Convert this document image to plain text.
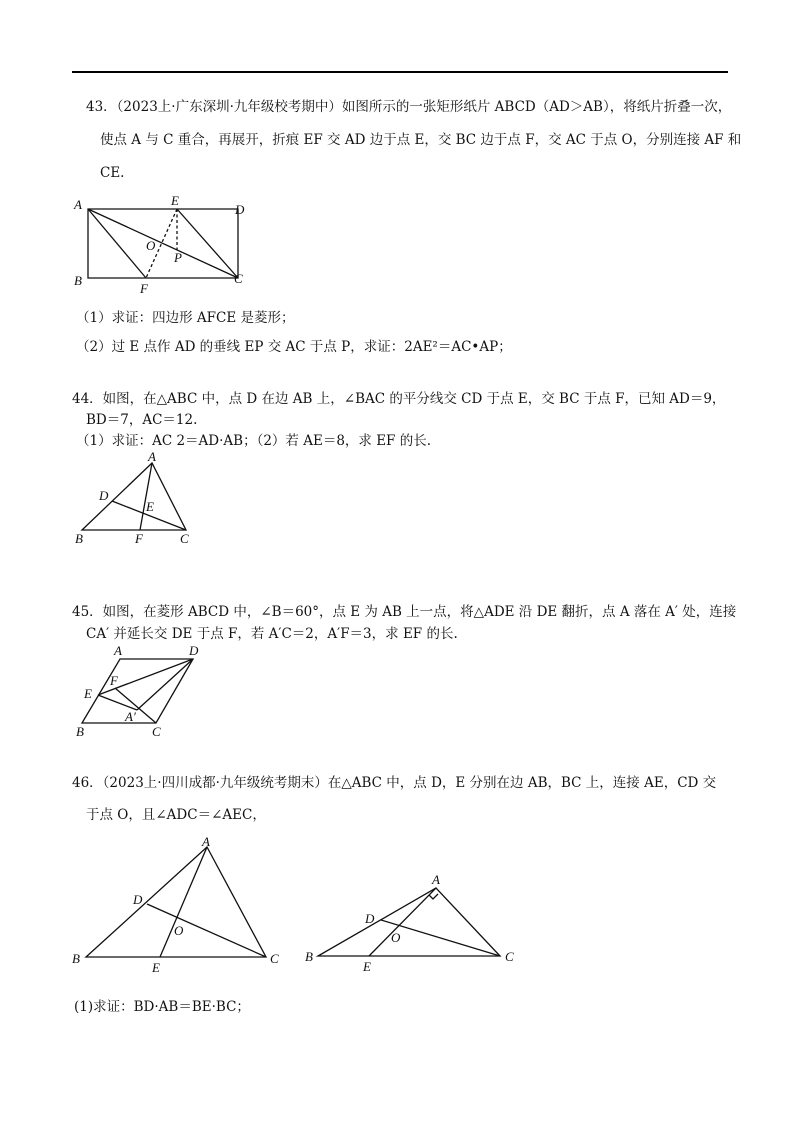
43．（2023上·广东深圳·九年级校考期中）如图所示的一张矩形纸片 ABCD（AD＞AB），将纸片折叠一次，
使点 A 与 C 重合，再展开，折痕 EF 交 AD 边于点 E，交 BC 边于点 F，交 AC 于点 O，分别连接 AF 和
CE.
A	E
D
O
P
B
F
C
（1）求证：四边形 AFCE 是菱形；
（2）过 E 点作 AD 的垂线 EP 交 AC 于点 P，求证：2AE²＝AC•AP；
44．如图，在△ABC 中，点 D 在边 AB 上，∠BAC 的平分线交 CD 于点 E，交 BC 于点 F，已知 AD＝9，
BD＝7，AC＝12.
（1）求证：AC 2＝AD·AB；（2）若 AE＝8，求 EF 的长.
A
D
E
B	F	C
45．如图，在菱形 ABCD 中，∠B＝60°，点 E 为 AB 上一点，将△ADE 沿 DE 翻折，点 A 落在 A′ 处，连接
CA′ 并延长交 DE 于点 F，若 A′C＝2，A′F＝3，求 EF 的长.
A	D
F
E
A′
B	C
46．（2023上·四川成都·九年级统考期末）在△ABC 中，点 D，E 分别在边 AB，BC 上，连接 AE，CD 交
于点 O，且∠ADC＝∠AEC，
A
D
O
B
E
C
A
D
O
B
E
C
(1)求证：BD·AB＝BE·BC；
